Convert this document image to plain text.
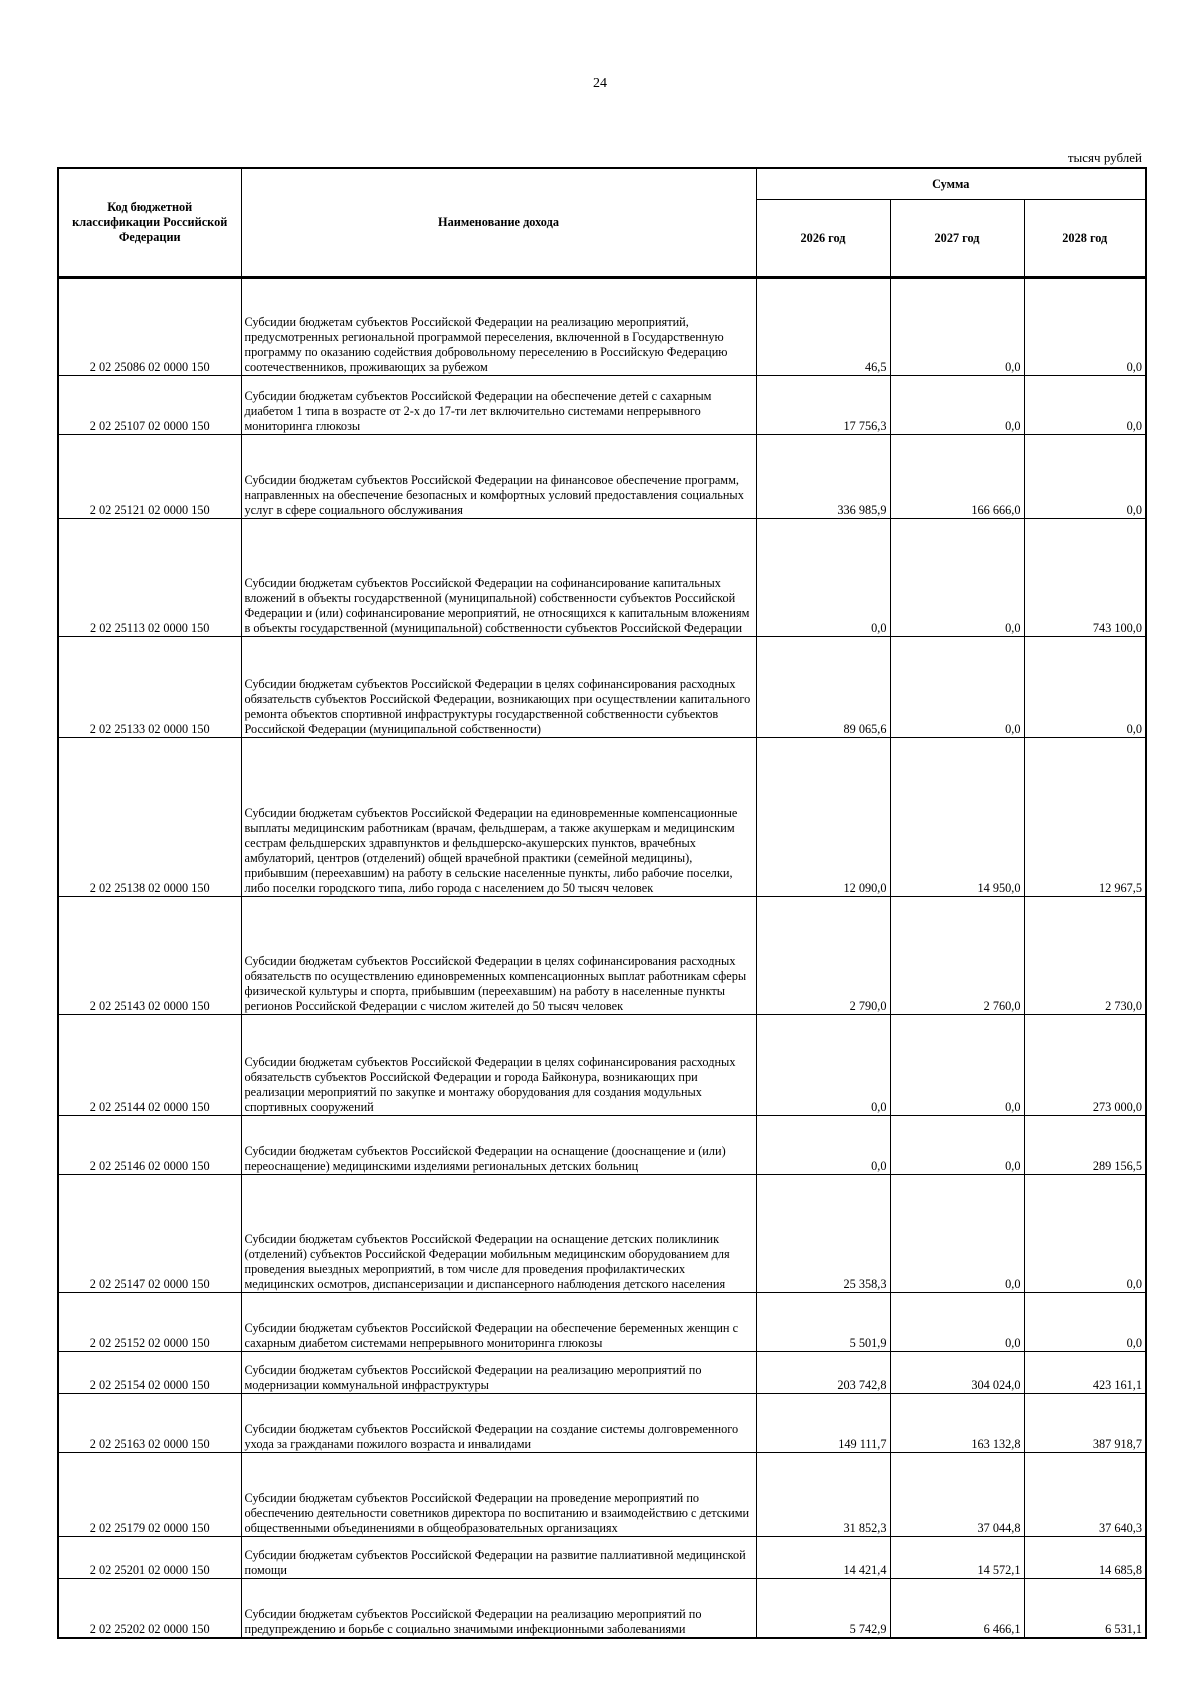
24
тысяч рублей
Код бюджетной классификации Российской Федерации	Наименование дохода	Сумма		
		2026 год	2027 год	2028 год
2 02 25086 02 0000 150	Субсидии бюджетам субъектов Российской Федерации на реализацию мероприятий, предусмотренных региональной программой переселения, включенной в Государственную программу по оказанию содействия добровольному переселению в Российскую Федерацию соотечественников, проживающих за рубежом	46,5	0,0	0,0
2 02 25107 02 0000 150	Субсидии бюджетам субъектов Российской Федерации на обеспечение детей с сахарным диабетом 1 типа в возрасте от 2-х до 17-ти лет включительно системами непрерывного мониторинга глюкозы	17 756,3	0,0	0,0
2 02 25121 02 0000 150	Субсидии бюджетам субъектов Российской Федерации на финансовое обеспечение программ, направленных на обеспечение безопасных и комфортных условий предоставления социальных услуг в сфере социального обслуживания	336 985,9	166 666,0	0,0
2 02 25113 02 0000 150	Субсидии бюджетам субъектов Российской Федерации на софинансирование капитальных вложений в объекты государственной (муниципальной) собственности субъектов Российской Федерации и (или) софинансирование мероприятий, не относящихся к капитальным вложениям в объекты государственной (муниципальной) собственности субъектов Российской Федерации	0,0	0,0	743 100,0
2 02 25133 02 0000 150	Субсидии бюджетам субъектов Российской Федерации в целях софинансирования расходных обязательств субъектов Российской Федерации, возникающих при осуществлении капитального ремонта объектов спортивной инфраструктуры государственной собственности субъектов Российской Федерации (муниципальной собственности)	89 065,6	0,0	0,0
2 02 25138 02 0000 150	Субсидии бюджетам субъектов Российской Федерации на единовременные компенсационные выплаты медицинским работникам (врачам, фельдшерам, а также акушеркам и медицинским сестрам фельдшерских здравпунктов и фельдшерско-акушерских пунктов, врачебных амбулаторий, центров (отделений) общей врачебной практики (семейной медицины), прибывшим (переехавшим) на работу в сельские населенные пункты, либо рабочие поселки, либо поселки городского типа, либо города с населением до 50 тысяч человек	12 090,0	14 950,0	12 967,5
2 02 25143 02 0000 150	Субсидии бюджетам субъектов Российской Федерации в целях софинансирования расходных обязательств по осуществлению единовременных компенсационных выплат работникам сферы физической культуры и спорта, прибывшим (переехавшим) на работу в населенные пункты регионов Российской Федерации с числом жителей до 50 тысяч человек	2 790,0	2 760,0	2 730,0
2 02 25144 02 0000 150	Субсидии бюджетам субъектов Российской Федерации в целях софинансирования расходных обязательств субъектов Российской Федерации и города Байконура, возникающих при реализации мероприятий по закупке и монтажу оборудования для создания модульных спортивных сооружений	0,0	0,0	273 000,0
2 02 25146 02 0000 150	Субсидии бюджетам субъектов Российской Федерации на оснащение (дооснащение и (или) переоснащение) медицинскими изделиями региональных детских больниц	0,0	0,0	289 156,5
2 02 25147 02 0000 150	Субсидии бюджетам субъектов Российской Федерации на оснащение детских поликлиник (отделений) субъектов Российской Федерации мобильным медицинским оборудованием для проведения выездных мероприятий, в том числе для проведения профилактических медицинских осмотров, диспансеризации и диспансерного наблюдения детского населения	25 358,3	0,0	0,0
2 02 25152 02 0000 150	Субсидии бюджетам субъектов Российской Федерации на обеспечение беременных женщин с сахарным диабетом системами непрерывного мониторинга глюкозы	5 501,9	0,0	0,0
2 02 25154 02 0000 150	Субсидии бюджетам субъектов Российской Федерации на реализацию мероприятий по модернизации коммунальной инфраструктуры	203 742,8	304 024,0	423 161,1
2 02 25163 02 0000 150	Субсидии бюджетам субъектов Российской Федерации на создание системы долговременного ухода за гражданами пожилого возраста и инвалидами	149 111,7	163 132,8	387 918,7
2 02 25179 02 0000 150	Субсидии бюджетам субъектов Российской Федерации на проведение мероприятий по обеспечению деятельности советников директора по воспитанию и взаимодействию с детскими общественными объединениями в общеобразовательных организациях	31 852,3	37 044,8	37 640,3
2 02 25201 02 0000 150	Субсидии бюджетам субъектов Российской Федерации на развитие паллиативной медицинской помощи	14 421,4	14 572,1	14 685,8
2 02 25202 02 0000 150	Субсидии бюджетам субъектов Российской Федерации на реализацию мероприятий по предупреждению и борьбе с социально значимыми инфекционными заболеваниями	5 742,9	6 466,1	6 531,1
